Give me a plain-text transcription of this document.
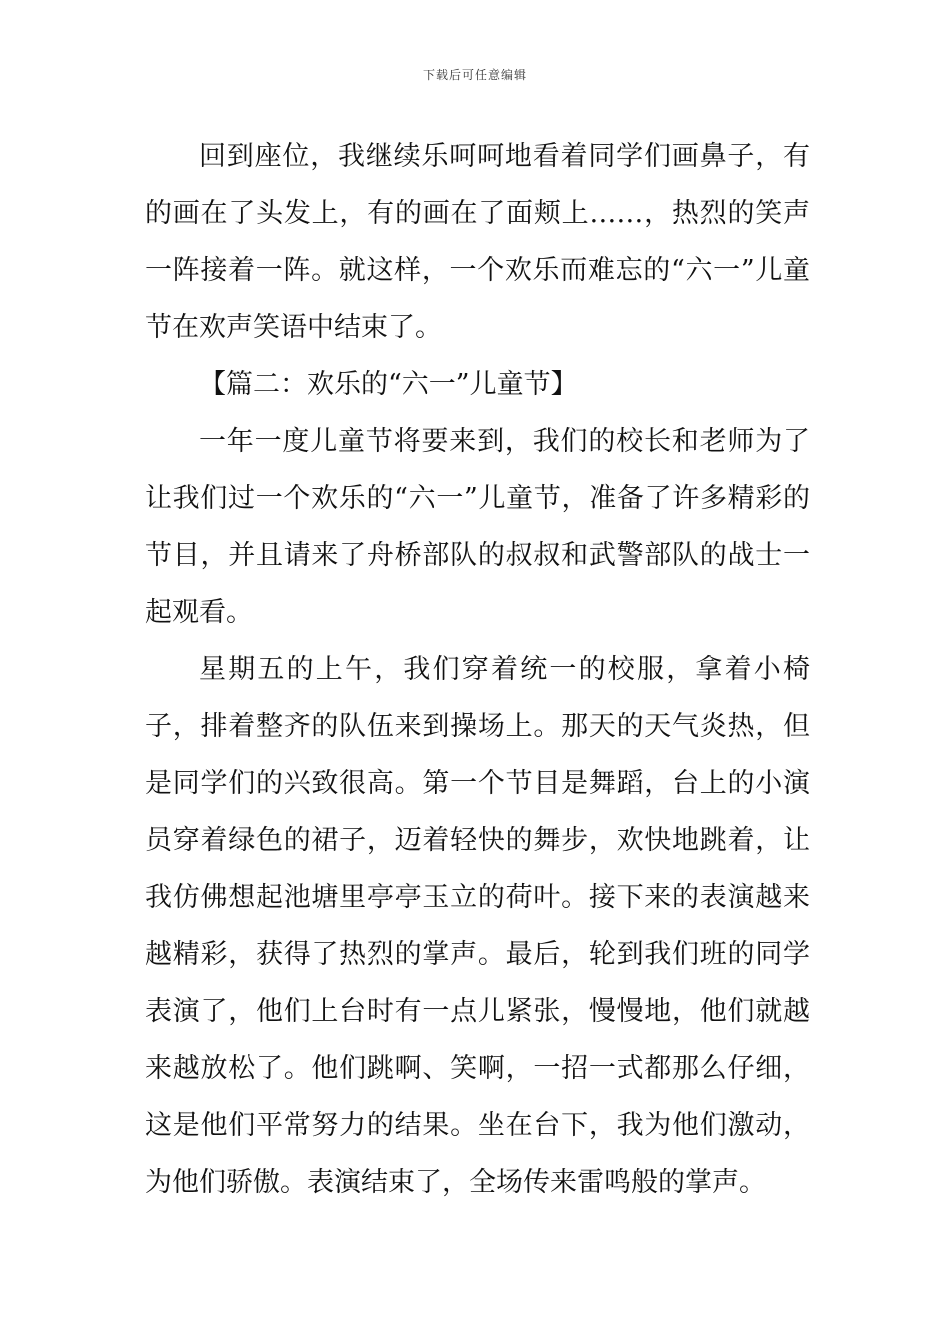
下载后可任意编辑

回到座位，我继续乐呵呵地看着同学们画鼻子，有的画在了头发上，有的画在了面颊上……，热烈的笑声一阵接着一阵。就这样，一个欢乐而难忘的“六一”儿童节在欢声笑语中结束了。

【篇二：欢乐的“六一”儿童节】

一年一度儿童节将要来到，我们的校长和老师为了让我们过一个欢乐的“六一”儿童节，准备了许多精彩的节目，并且请来了舟桥部队的叔叔和武警部队的战士一起观看。

星期五的上午，我们穿着统一的校服，拿着小椅子，排着整齐的队伍来到操场上。那天的天气炎热，但是同学们的兴致很高。第一个节目是舞蹈，台上的小演员穿着绿色的裙子，迈着轻快的舞步，欢快地跳着，让我仿佛想起池塘里亭亭玉立的荷叶。接下来的表演越来越精彩，获得了热烈的掌声。最后，轮到我们班的同学表演了，他们上台时有一点儿紧张，慢慢地，他们就越来越放松了。他们跳啊、笑啊，一招一式都那么仔细，这是他们平常努力的结果。坐在台下，我为他们激动，为他们骄傲。表演结束了，全场传来雷鸣般的掌声。
